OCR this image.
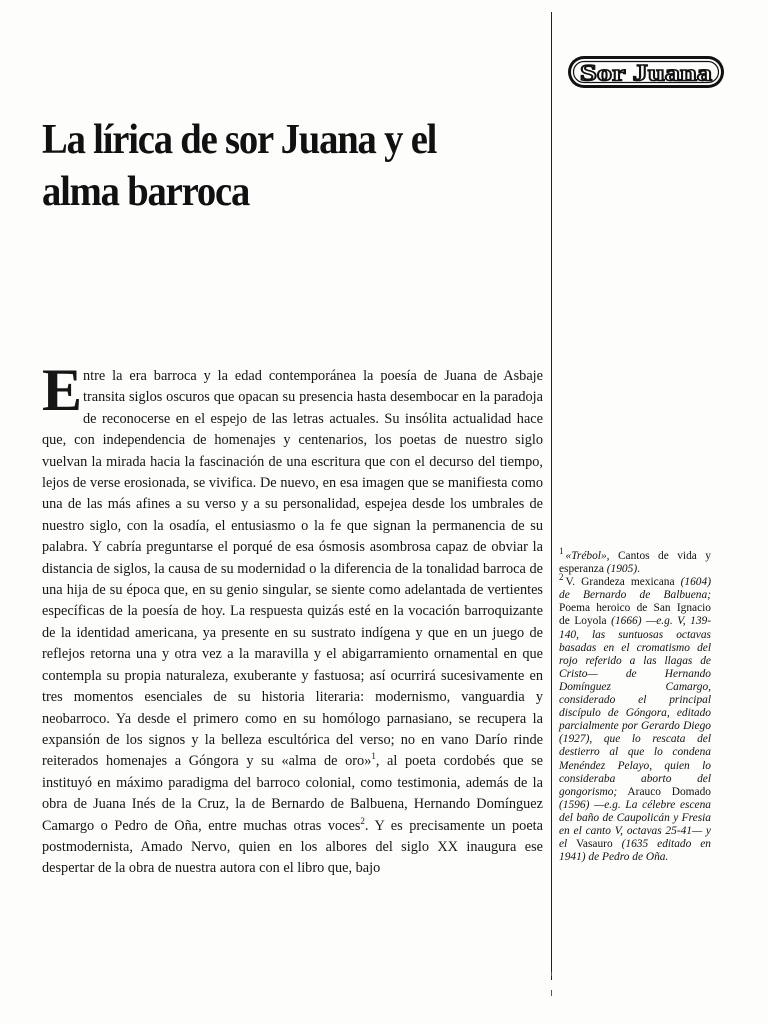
Sor Juana
La lírica de sor Juana y el alma barroca

Entre la era barroca y la edad contemporánea la poesía de Juana de Asbaje transita siglos oscuros que opacan su presencia hasta desembocar en la paradoja de reconocerse en el espejo de las letras actuales. Su insólita actualidad hace que, con independencia de homenajes y centenarios, los poetas de nuestro siglo vuelvan la mirada hacia la fascinación de una escritura que con el decurso del tiempo, lejos de verse erosionada, se vivifica. De nuevo, en esa imagen que se manifiesta como una de las más afines a su verso y a su personalidad, espejea desde los umbrales de nuestro siglo, con la osadía, el entusiasmo o la fe que signan la permanencia de su palabra. Y cabría preguntarse el porqué de esa ósmosis asombrosa capaz de obviar la distancia de siglos, la causa de su modernidad o la diferencia de la tonalidad barroca de una hija de su época que, en su genio singular, se siente como adelantada de vertientes específicas de la poesía de hoy. La respuesta quizás esté en la vocación barroquizante de la identidad americana, ya presente en su sustrato indígena y que en un juego de reflejos retorna una y otra vez a la maravilla y el abigarramiento ornamental en que contempla su propia naturaleza, exuberante y fastuosa; así ocurrirá sucesivamente en tres momentos esenciales de su historia literaria: modernismo, vanguardia y neobarroco. Ya desde el primero como en su homólogo parnasiano, se recupera la expansión de los signos y la belleza escultórica del verso; no en vano Darío rinde reiterados homenajes a Góngora y su «alma de oro»$^1$, al poeta cordobés que se instituyó en máximo paradigma del barroco colonial, como testimonia, además de la obra de Juana Inés de la Cruz, la de Bernardo de Balbuena, Hernando Domínguez Camargo o Pedro de Oña, entre muchas otras voces$^2$. Y es precisamente un poeta postmodernista, Amado Nervo, quien en los albores del siglo XX inaugura ese despertar de la obra de nuestra autora con el libro que, bajo

$^1$ «Trébol», Cantos de vida y esperanza (1905).

$^2$ V. Grandeza mexicana (1604) de Bernardo de Balbuena; Poema heroico de San Ignacio de Loyola (1666) —e.g. V, 139-140, las suntuosas octavas basadas en el cromatismo del rojo referido a las llagas de Cristo— de Hernando Domínguez Camargo, considerado el principal discípulo de Góngora, editado parcialmente por Gerardo Diego (1927), que lo rescata del destierro al que lo condena Menéndez Pelayo, quien lo consideraba aborto del gongorismo; Arauco Domado (1596) —e.g. La célebre escena del baño de Caupolicán y Fresia en el canto V, octavas 25-41— y el Vasauro (1635 editado en 1941) de Pedro de Oña.
